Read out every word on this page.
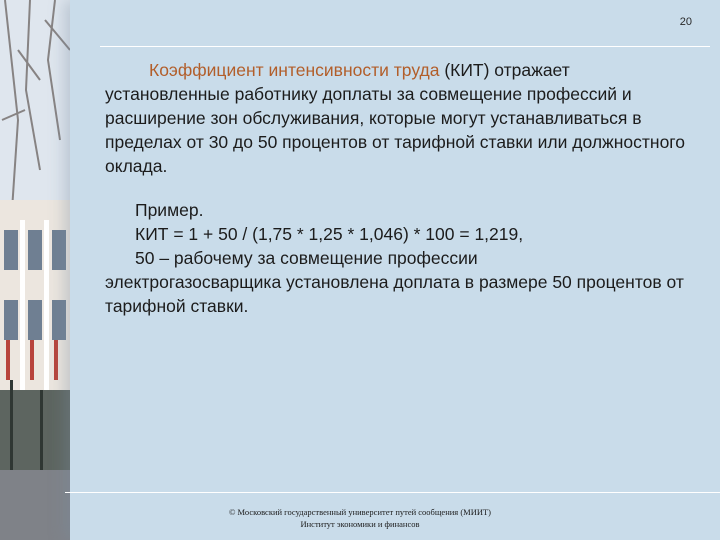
20

Коэффициент интенсивности труда (КИТ) отражает установленные работнику доплаты за совмещение профессий и расширение зон обслуживания, которые могут устанавливаться в пределах от 30 до 50 процентов от тарифной ставки или должностного оклада.

Пример.
КИТ = 1 + 50 / (1,75 * 1,25 * 1,046) * 100 = 1,219,
50 – рабочему за совмещение профессии
электрогазосварщика установлена доплата в размере 50 процентов от тарифной ставки.

© Московский государственный университет путей сообщения (МИИТ)
Институт экономики и финансов
